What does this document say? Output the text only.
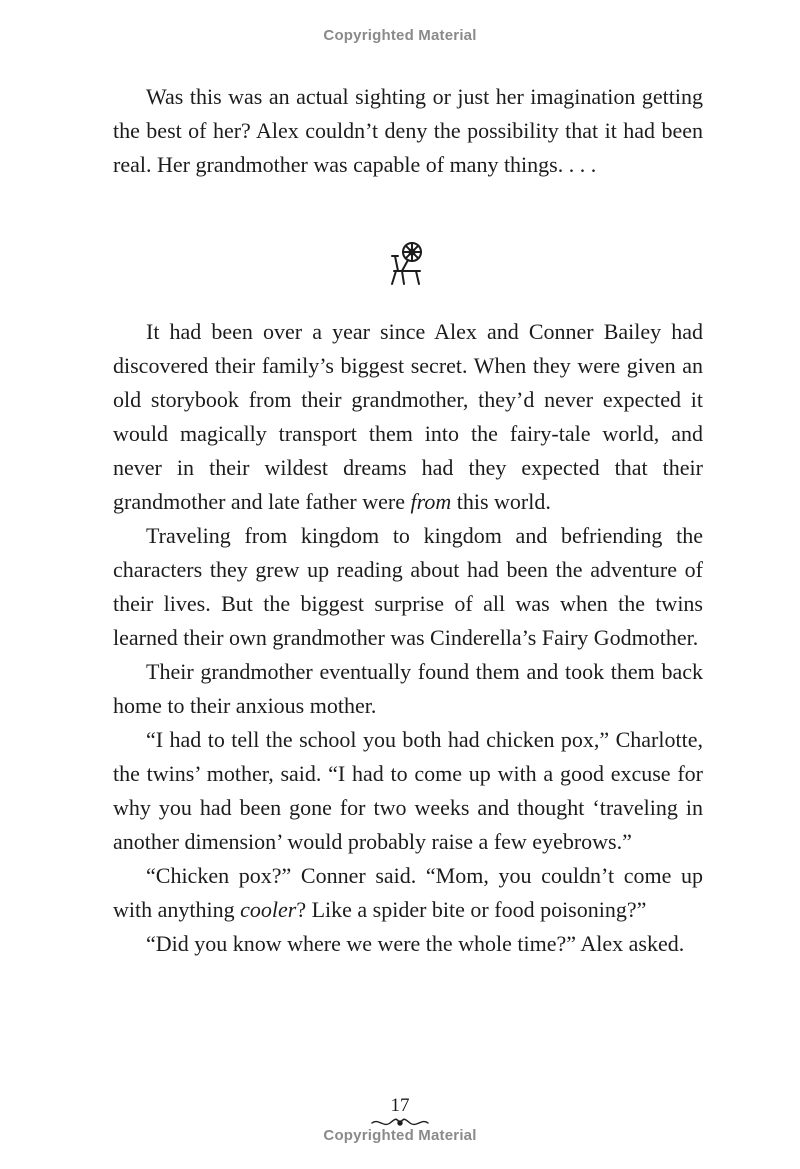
Copyrighted Material

Was this was an actual sighting or just her imagination getting the best of her? Alex couldn’t deny the possibility that it had been real. Her grandmother was capable of many things. . . .

It had been over a year since Alex and Conner Bailey had discovered their family’s biggest secret. When they were given an old storybook from their grandmother, they’d never expected it would magically transport them into the fairy-tale world, and never in their wildest dreams had they expected that their grandmother and late father were from this world.

Traveling from kingdom to kingdom and befriending the characters they grew up reading about had been the adventure of their lives. But the biggest surprise of all was when the twins learned their own grandmother was Cinderella’s Fairy Godmother.

Their grandmother eventually found them and took them back home to their anxious mother.

“I had to tell the school you both had chicken pox,” Charlotte, the twins’ mother, said. “I had to come up with a good excuse for why you had been gone for two weeks and thought ‘traveling in another dimension’ would probably raise a few eyebrows.”

“Chicken pox?” Conner said. “Mom, you couldn’t come up with anything cooler? Like a spider bite or food poisoning?”

“Did you know where we were the whole time?” Alex asked.

17
Copyrighted Material
